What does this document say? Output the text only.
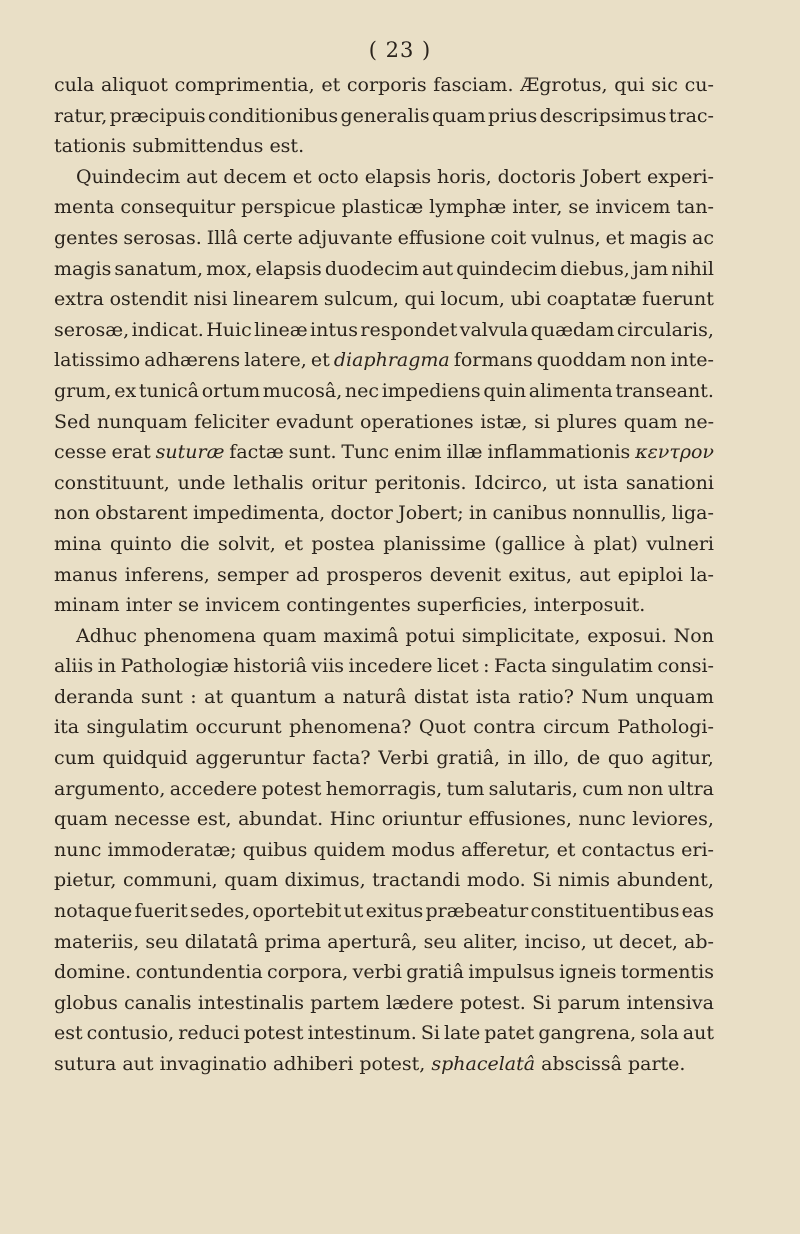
( 23 )
cula aliquot comprimentia, et corporis fasciam. Ægrotus, qui sic cu-
ratur, præcipuis conditionibus generalis quam prius descripsimus trac-
tationis
submittendus
est.
Quindecim aut decem et octo elapsis horis, doctoris Jobert experi-
menta consequitur perspicue plasticæ lymphæ inter, se invicem tan-
gentes serosas. Illâ certe adjuvante effusione coit vulnus, et magis ac
magis sanatum, mox, elapsis duodecim aut quindecim diebus, jam nihil
extra ostendit nisi linearem sulcum, qui locum, ubi coaptatæ fuerunt
serosæ, indicat. Huic lineæ intus respondet valvula quædam circularis,
latissimo adhærens latere, et diaphragma formans quoddam non inte-
grum, ex tunicâ ortum mucosâ, nec impediens quin alimenta transeant.
Sed nunquam feliciter evadunt operationes istæ, si plures quam ne-
cesse erat suturæ factæ sunt. Tunc enim illæ inflammationis κεντρον
constituunt, unde lethalis oritur peritonis. Idcirco, ut ista sanationi
non obstarent impedimenta, doctor Jobert; in canibus nonnullis, liga-
mina quinto die solvit, et postea planissime (gallice à plat) vulneri
manus inferens, semper ad prosperos devenit exitus, aut epiploi la-
minam
inter
se
invicem
contingentes
superficies,
interposuit.
Adhuc phenomena quam maximâ potui simplicitate, exposui. Non
aliis in Pathologiæ historiâ viis incedere licet : Facta singulatim consi-
deranda sunt : at quantum a naturâ distat ista ratio? Num unquam
ita singulatim occurunt phenomena? Quot contra circum Pathologi-
cum quidquid aggeruntur facta? Verbi gratiâ, in illo, de quo agitur,
argumento, accedere potest hemorragis, tum salutaris, cum non ultra
quam necesse est, abundat. Hinc oriuntur effusiones, nunc leviores,
nunc immoderatæ; quibus quidem modus afferetur, et contactus eri-
pietur, communi, quam diximus, tractandi modo. Si nimis abundent,
notaque fuerit sedes, oportebit ut exitus præbeatur constituentibus eas
materiis, seu dilatatâ prima aperturâ, seu aliter, inciso, ut decet, ab-
domine. contundentia corpora, verbi gratiâ impulsus igneis tormentis
globus canalis intestinalis partem lædere potest. Si parum intensiva
est contusio, reduci potest intestinum. Si late patet gangrena, sola aut
sutura
aut
invaginatio
adhiberi
potest,
sphacelatâ
abscissâ
parte.
